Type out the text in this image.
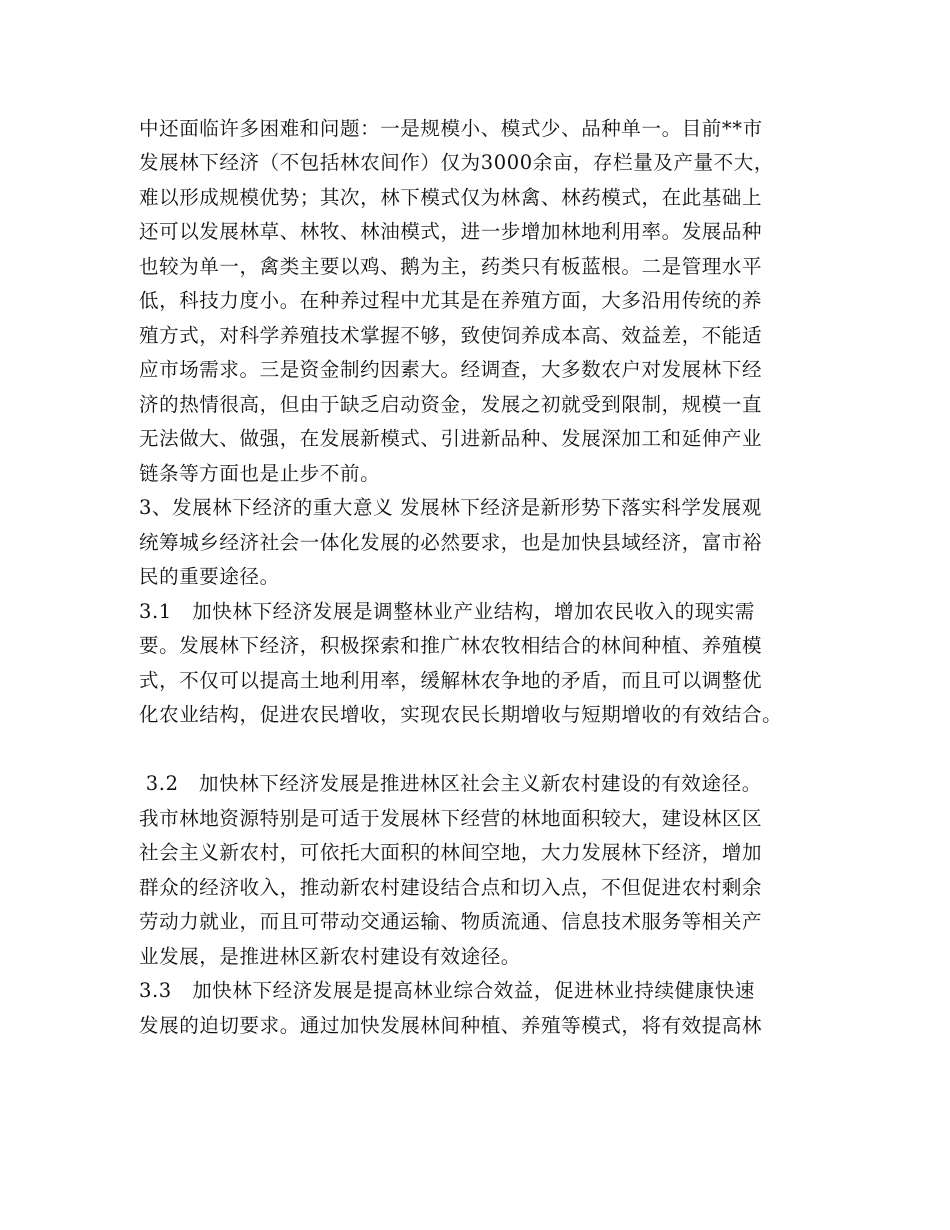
中还面临许多困难和问题：一是规模小、模式少、品种单一。目前**市
发展林下经济（不包括林农间作）仅为3000余亩，存栏量及产量不大，
难以形成规模优势；其次，林下模式仅为林禽、林药模式，在此基础上
还可以发展林草、林牧、林油模式，进一步增加林地利用率。发展品种
也较为单一，禽类主要以鸡、鹅为主，药类只有板蓝根。二是管理水平
低，科技力度小。在种养过程中尤其是在养殖方面，大多沿用传统的养
殖方式，对科学养殖技术掌握不够，致使饲养成本高、效益差，不能适
应市场需求。三是资金制约因素大。经调查，大多数农户对发展林下经
济的热情很高，但由于缺乏启动资金，发展之初就受到限制，规模一直
无法做大、做强，在发展新模式、引进新品种、发展深加工和延伸产业
链条等方面也是止步不前。
3、发展林下经济的重大意义 发展林下经济是新形势下落实科学发展观
统筹城乡经济社会一体化发展的必然要求，也是加快县域经济，富市裕
民的重要途径。
3.1   加快林下经济发展是调整林业产业结构，增加农民收入的现实需
要。发展林下经济，积极探索和推广林农牧相结合的林间种植、养殖模
式，不仅可以提高土地利用率，缓解林农争地的矛盾，而且可以调整优
化农业结构，促进农民增收，实现农民长期增收与短期增收的有效结合。
3.2   加快林下经济发展是推进林区社会主义新农村建设的有效途径。
我市林地资源特别是可适于发展林下经营的林地面积较大，建设林区区
社会主义新农村，可依托大面积的林间空地，大力发展林下经济，增加
群众的经济收入，推动新农村建设结合点和切入点，不但促进农村剩余
劳动力就业，而且可带动交通运输、物质流通、信息技术服务等相关产
业发展，是推进林区新农村建设有效途径。
3.3   加快林下经济发展是提高林业综合效益，促进林业持续健康快速
发展的迫切要求。通过加快发展林间种植、养殖等模式，将有效提高林
